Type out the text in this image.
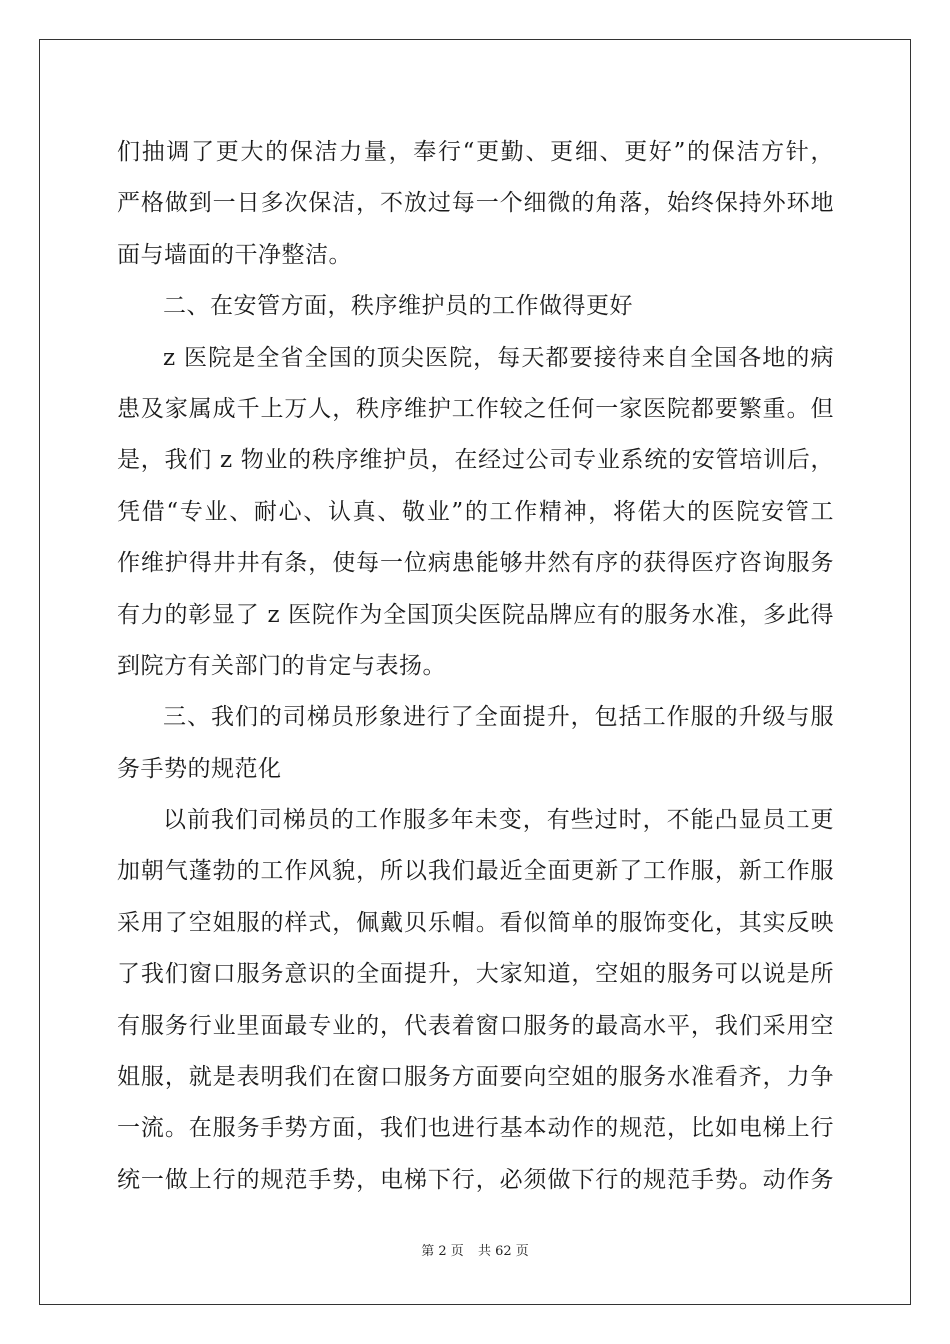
们抽调了更大的保洁力量，奉行“更勤、更细、更好”的保洁方针，
严格做到一日多次保洁，不放过每一个细微的角落，始终保持外环地
面与墙面的干净整洁。
二、在安管方面，秩序维护员的工作做得更好
z 医院是全省全国的顶尖医院，每天都要接待来自全国各地的病
患及家属成千上万人，秩序维护工作较之任何一家医院都要繁重。但
是，我们 z 物业的秩序维护员，在经过公司专业系统的安管培训后，
凭借“专业、耐心、认真、敬业”的工作精神，将偌大的医院安管工
作维护得井井有条，使每一位病患能够井然有序的获得医疗咨询服务
有力的彰显了 z 医院作为全国顶尖医院品牌应有的服务水准，多此得
到院方有关部门的肯定与表扬。
三、我们的司梯员形象进行了全面提升，包括工作服的升级与服
务手势的规范化
以前我们司梯员的工作服多年未变，有些过时，不能凸显员工更
加朝气蓬勃的工作风貌，所以我们最近全面更新了工作服，新工作服
采用了空姐服的样式，佩戴贝乐帽。看似简单的服饰变化，其实反映
了我们窗口服务意识的全面提升，大家知道，空姐的服务可以说是所
有服务行业里面最专业的，代表着窗口服务的最高水平，我们采用空
姐服，就是表明我们在窗口服务方面要向空姐的服务水准看齐，力争
一流。在服务手势方面，我们也进行基本动作的规范，比如电梯上行
统一做上行的规范手势，电梯下行，必须做下行的规范手势。动作务
第 2 页 共 62 页
